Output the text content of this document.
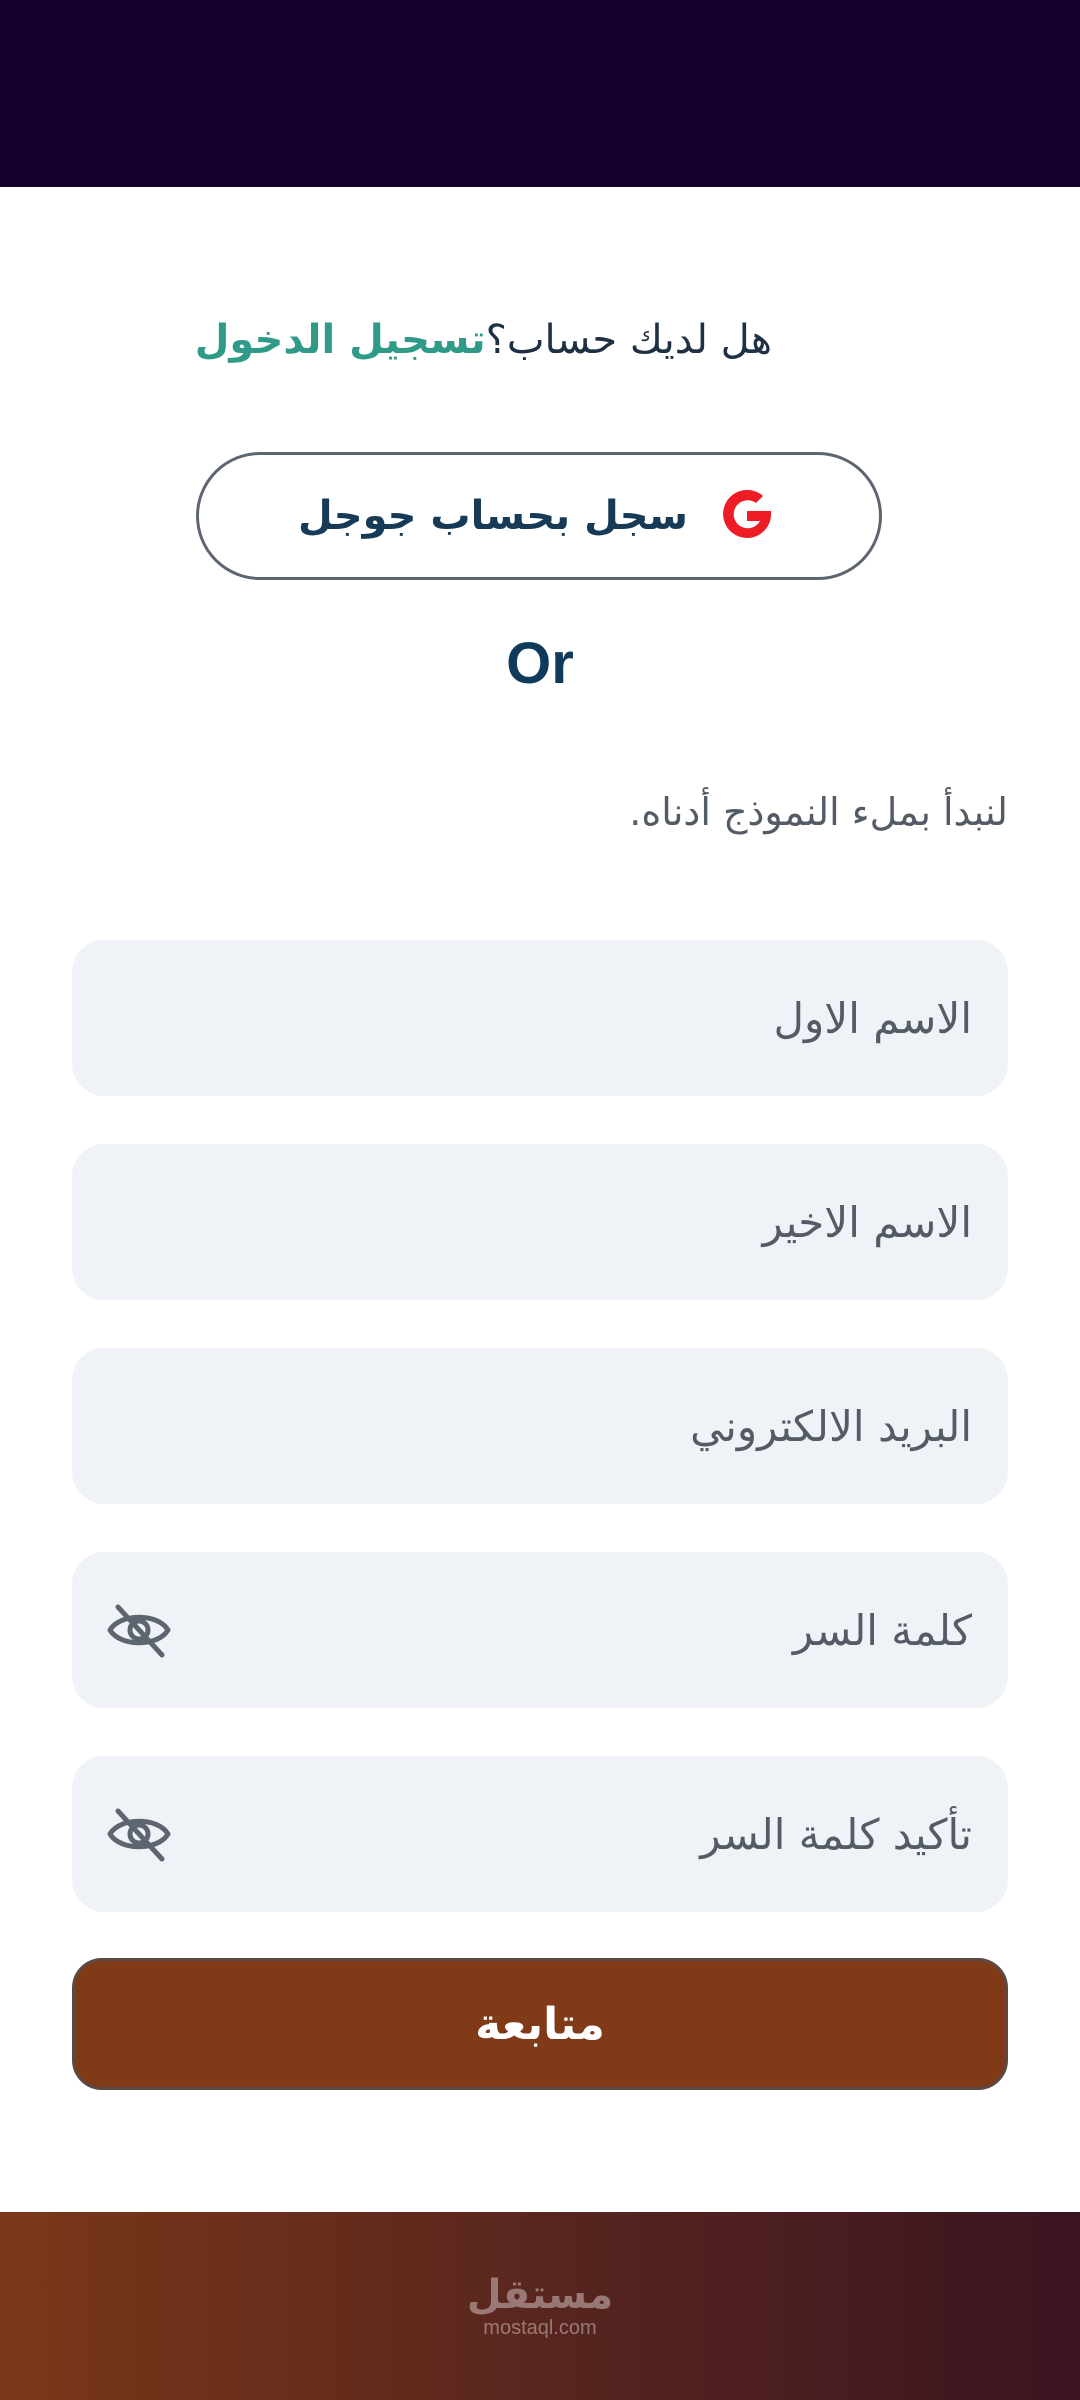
هل لديك حساب؟تسجيل الدخول
سجل بحساب جوجل
Or
لنبدأ بملء النموذج أدناه.
الاسم الاول
الاسم الاخير
البريد الالكتروني
كلمة السر
تأكيد كلمة السر
متابعة
مستقل
mostaql.com
